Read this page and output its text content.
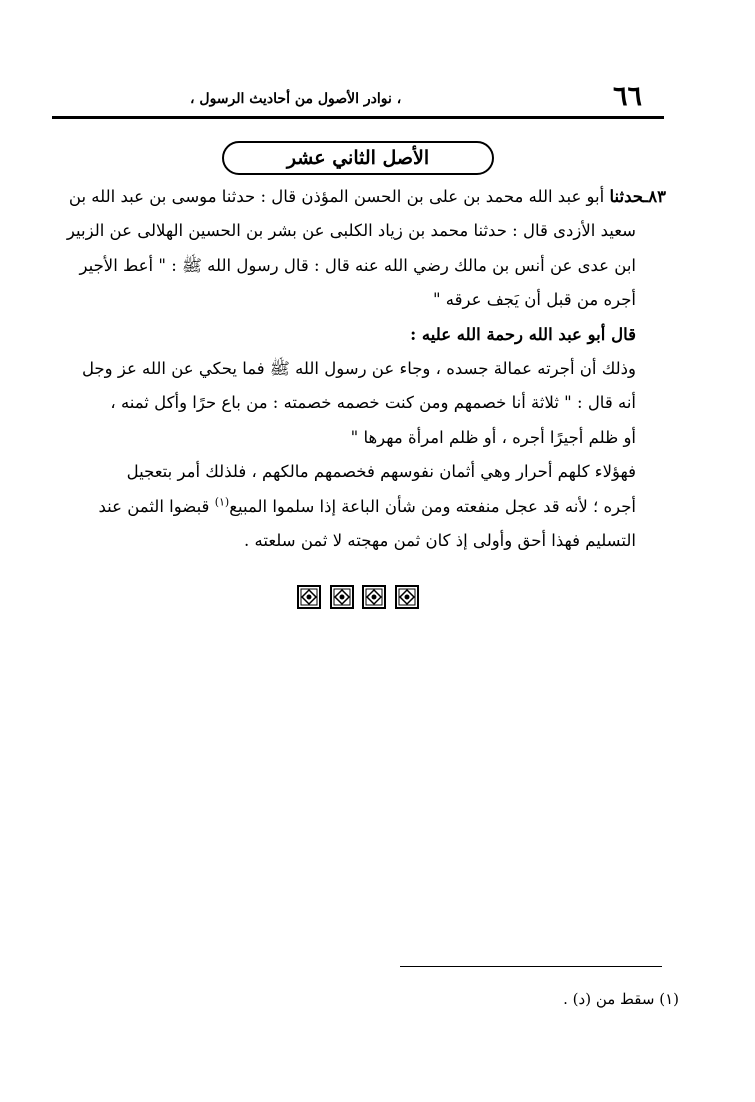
٦٦
، نوادر الأصول من أحاديث الرسول ،
الأصل الثاني عشر

٨٣ـحدثنا أبو عبد الله محمد بن على بن الحسن المؤذن قال : حدثنا موسى بن عبد الله بن

سعيد الأزدى قال : حدثنا محمد بن زياد الكلبى عن بشر بن الحسين الهلالى عن الزبير

ابن عدى عن أنس بن مالك رضي الله عنه قال : قال رسول الله ﷺ : " أعط الأجير

أجره من قبل أن يَجف عرقه "

قال أبو عبد الله رحمة الله عليه :

وذلك أن أجرته عمالة جسده ، وجاء عن رسول الله ﷺ فما يحكي عن الله عز وجل

أنه قال : " ثلاثة أنا خصمهم ومن كنت خصمه خصمته : من باع حرًا وأكل ثمنه ،

أو ظلم أجيرًا أجره ، أو ظلم امرأة مهرها "

فهؤلاء كلهم أحرار وهي أثمان نفوسهم فخصمهم مالكهم ، فلذلك أمر بتعجيل

أجره ؛ لأنه قد عجل منفعته ومن شأن الباعة إذا سلموا المبيع$^{(١)}$ قبضوا الثمن عند

التسليم فهذا أحق وأولى إذ كان ثمن مهجته لا ثمن سلعته .

(١) سقط من (د) .
